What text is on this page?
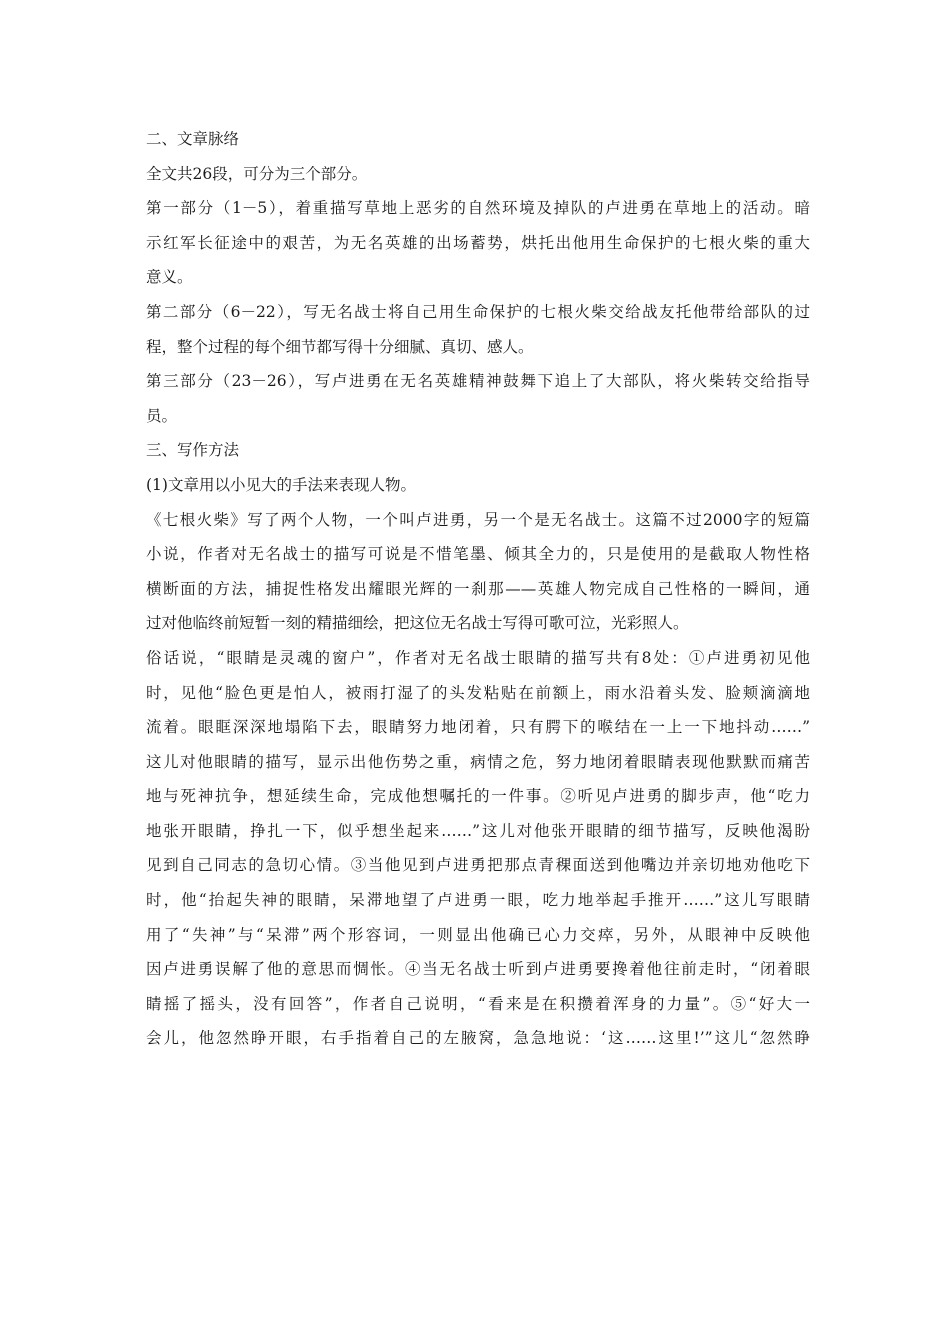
二、文章脉络
全文共26段，可分为三个部分。
第一部分（1－5），着重描写草地上恶劣的自然环境及掉队的卢进勇在草地上的活动。暗
示红军长征途中的艰苦，为无名英雄的出场蓄势，烘托出他用生命保护的七根火柴的重大
意义。
第二部分（6－22），写无名战士将自己用生命保护的七根火柴交给战友托他带给部队的过
程，整个过程的每个细节都写得十分细腻、真切、感人。
第三部分（23－26），写卢进勇在无名英雄精神鼓舞下追上了大部队，将火柴转交给指导
员。
三、写作方法
(1)文章用以小见大的手法来表现人物。
《七根火柴》写了两个人物，一个叫卢进勇，另一个是无名战士。这篇不过2000字的短篇
小说，作者对无名战士的描写可说是不惜笔墨、倾其全力的，只是使用的是截取人物性格
横断面的方法，捕捉性格发出耀眼光辉的一刹那——英雄人物完成自己性格的一瞬间，通
过对他临终前短暂一刻的精描细绘，把这位无名战士写得可歌可泣，光彩照人。
俗话说，“眼睛是灵魂的窗户”，作者对无名战士眼睛的描写共有8处：①卢进勇初见他
时，见他“脸色更是怕人，被雨打湿了的头发粘贴在前额上，雨水沿着头发、脸颊滴滴地
流着。眼眶深深地塌陷下去，眼睛努力地闭着，只有腭下的喉结在一上一下地抖动……”
这儿对他眼睛的描写，显示出他伤势之重，病情之危，努力地闭着眼睛表现他默默而痛苦
地与死神抗争，想延续生命，完成他想嘱托的一件事。②听见卢进勇的脚步声，他“吃力
地张开眼睛，挣扎一下，似乎想坐起来……”这儿对他张开眼睛的细节描写，反映他渴盼
见到自己同志的急切心情。③当他见到卢进勇把那点青稞面送到他嘴边并亲切地劝他吃下
时，他“抬起失神的眼睛，呆滞地望了卢进勇一眼，吃力地举起手推开……”这儿写眼睛
用了“失神”与“呆滞”两个形容词，一则显出他确已心力交瘁，另外，从眼神中反映他
因卢进勇误解了他的意思而惆怅。④当无名战士听到卢进勇要搀着他往前走时，“闭着眼
睛摇了摇头，没有回答”，作者自己说明，“看来是在积攒着浑身的力量”。⑤“好大一
会儿，他忽然睁开眼，右手指着自己的左腋窝，急急地说：‘这……这里!’”这儿“忽然睁
